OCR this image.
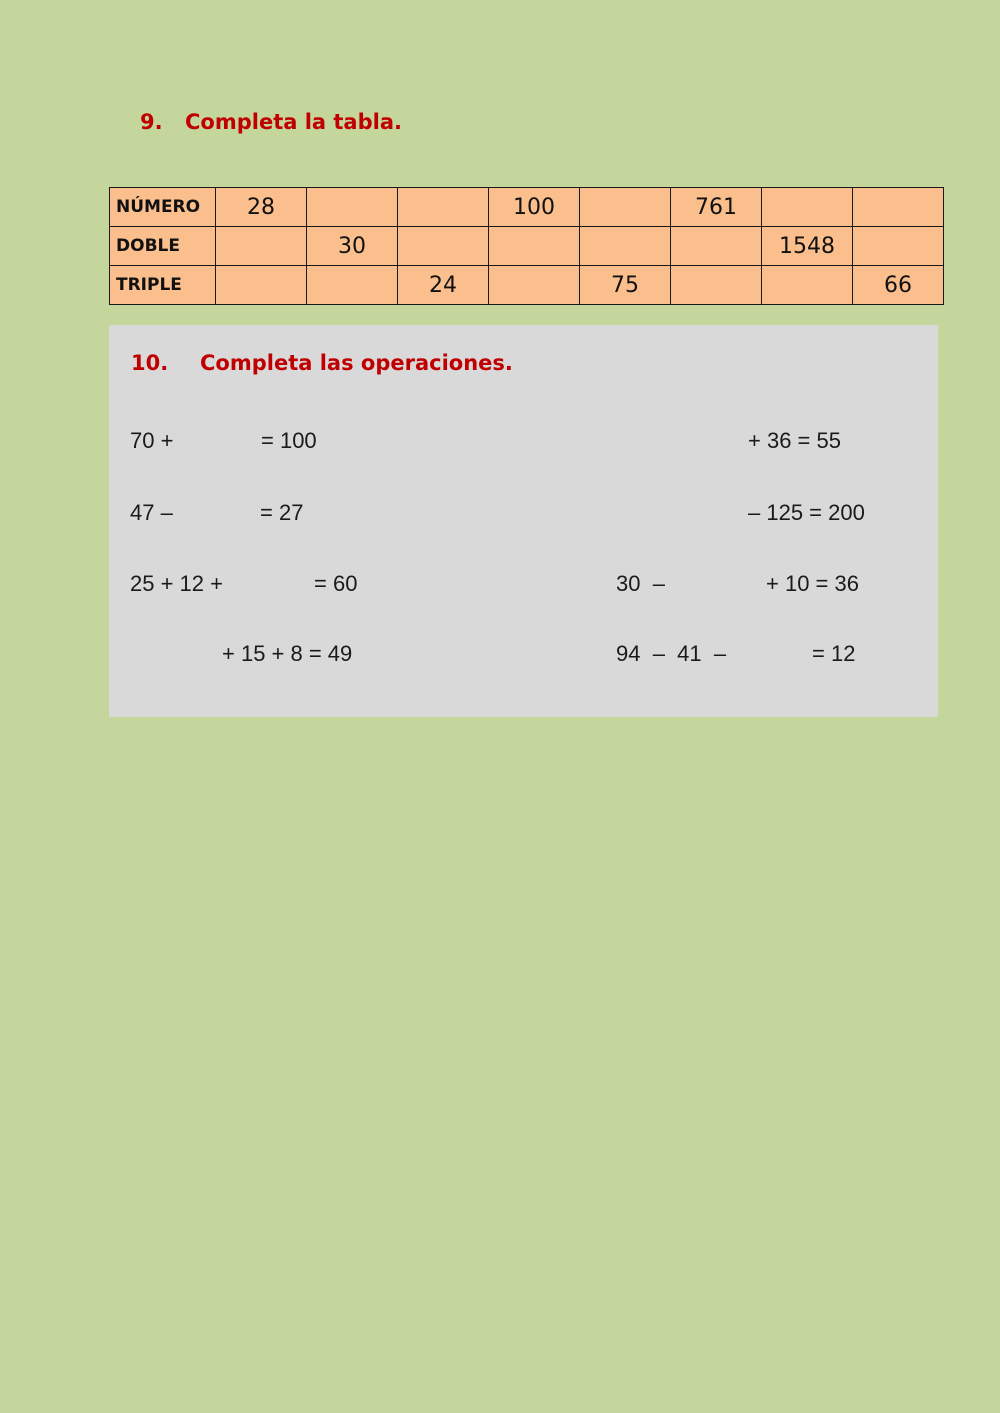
9. Completa la tabla.
NÚMERO	28			100		761		
DOBLE		30					1548	
TRIPLE			24		75			66
10. Completa las operaciones.
70 +	= 100	+ 36 = 55
47 –	= 27	– 125 = 200
25 + 12 +	= 60	30  –	+ 10 = 36
+ 15 + 8 = 49	94  –  41  –	= 12
